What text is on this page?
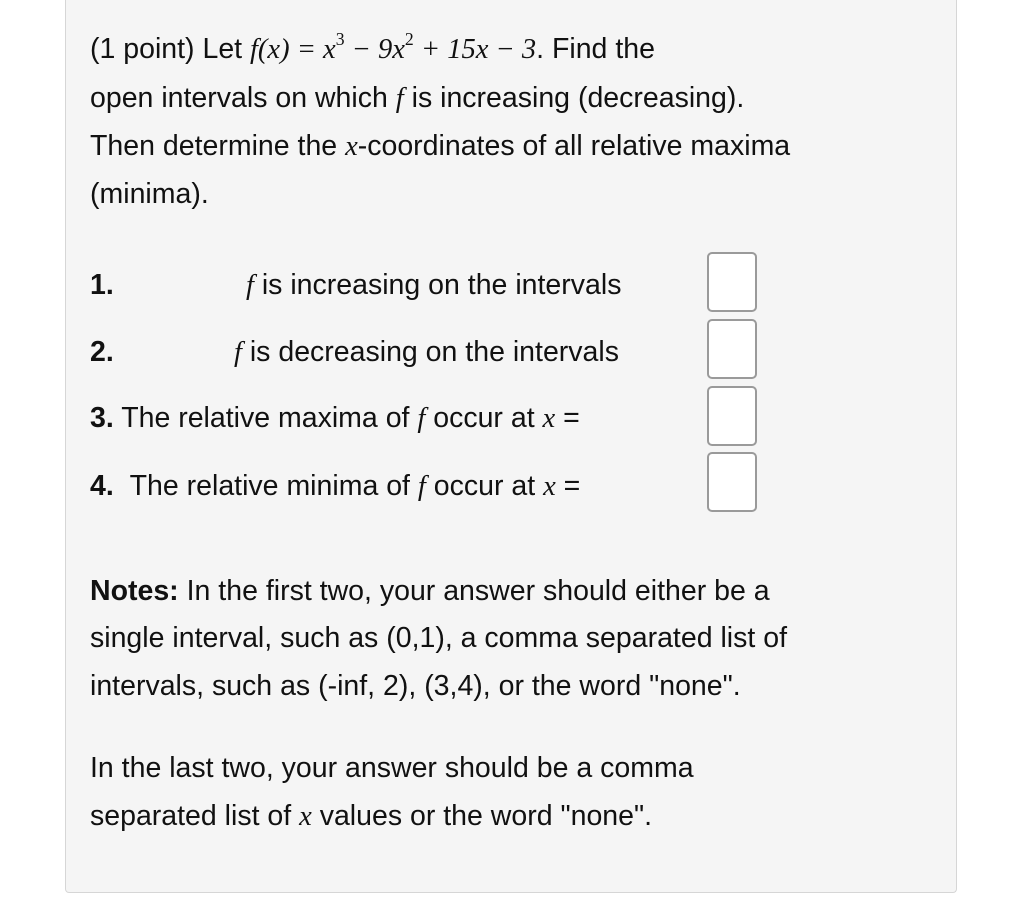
(1 point) Let $f(x) = x^3 - 9x^2 + 15x - 3$. Find the
open intervals on which f is increasing (decreasing).
Then determine the x-coordinates of all relative maxima
(minima).
1.	f is increasing on the intervals
2.	f is decreasing on the intervals
3. The relative maxima of f occur at x =
4. The relative minima of f occur at x =
Notes: In the first two, your answer should either be a
single interval, such as (0,1), a comma separated list of
intervals, such as (-inf, 2), (3,4), or the word "none".
In the last two, your answer should be a comma
separated list of x values or the word "none".
